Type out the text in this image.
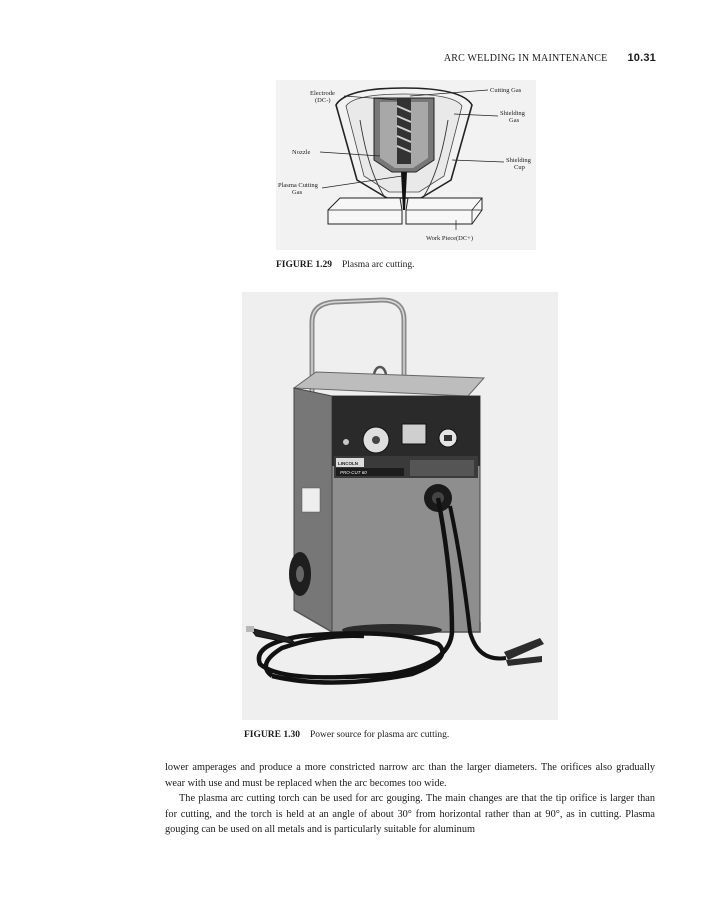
ARC WELDING IN MAINTENANCE 10.31
Electrode
(DC-)
Nozzle
Plasma Cutting
Gas
Cutting Gas
Shielding
Gas
Shielding
Cup
Work Piece(DC+)
FIGURE 1.29 Plasma arc cutting.
LINCOLN
PRO-CUT 60
FIGURE 1.30 Power source for plasma arc cutting.

lower amperages and produce a more constricted narrow arc than the larger diameters. The orifices also gradually wear with use and must be replaced when the arc becomes too wide.

The plasma arc cutting torch can be used for arc gouging. The main changes are that the tip orifice is larger than for cutting, and the torch is held at an angle of about 30° from horizontal rather than at 90°, as in cutting. Plasma gouging can be used on all metals and is particularly suitable for aluminum
